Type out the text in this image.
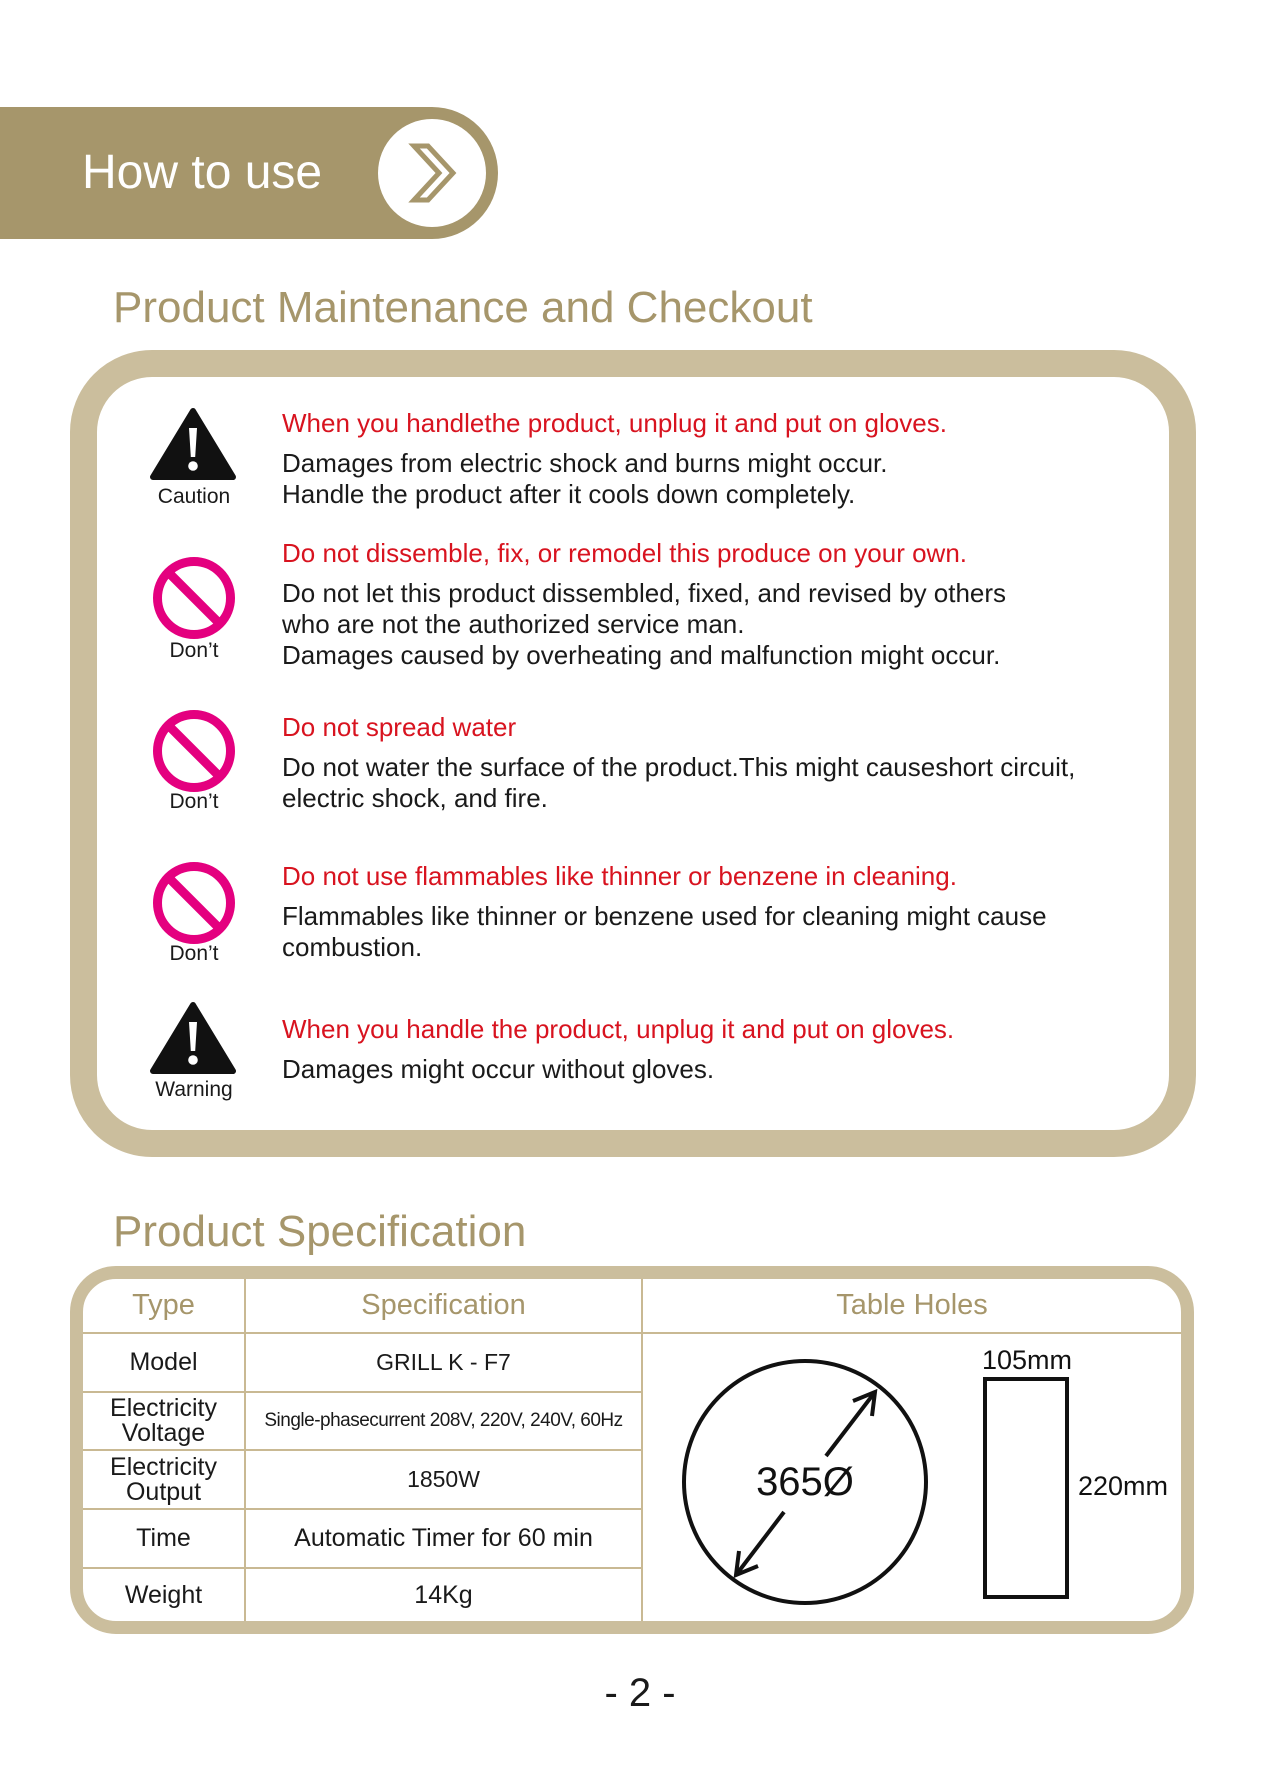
How to use
Product Maintenance and Checkout
Caution
When you handlethe product, unplug it and put on gloves.
Damages from electric shock and burns might occur.
Handle the product after it cools down completely.
Don’t
Do not dissemble, fix, or remodel this produce on your own.
Do not let this product dissembled, fixed, and revised by others
who are not the authorized service man.
Damages caused by overheating and malfunction might occur.
Don’t
Do not spread water
Do not water the surface of the product.This might causeshort circuit,
electric shock, and fire.
Don’t
Do not use flammables like thinner or benzene in cleaning.
Flammables like thinner or benzene used for cleaning might cause
combustion.
Warning
When you handle the product, unplug it and put on gloves.
Damages might occur without gloves.
Product Specification
Type	Specification	Table Holes
Model	GRILL K - F7
Electricity
Voltage	Single-phasecurrent 208V, 220V, 240V, 60Hz
Electricity
Output	1850W
Time	Automatic Timer for 60 min
Weight	14Kg
365Ø
105mm
220mm
- 2 -
